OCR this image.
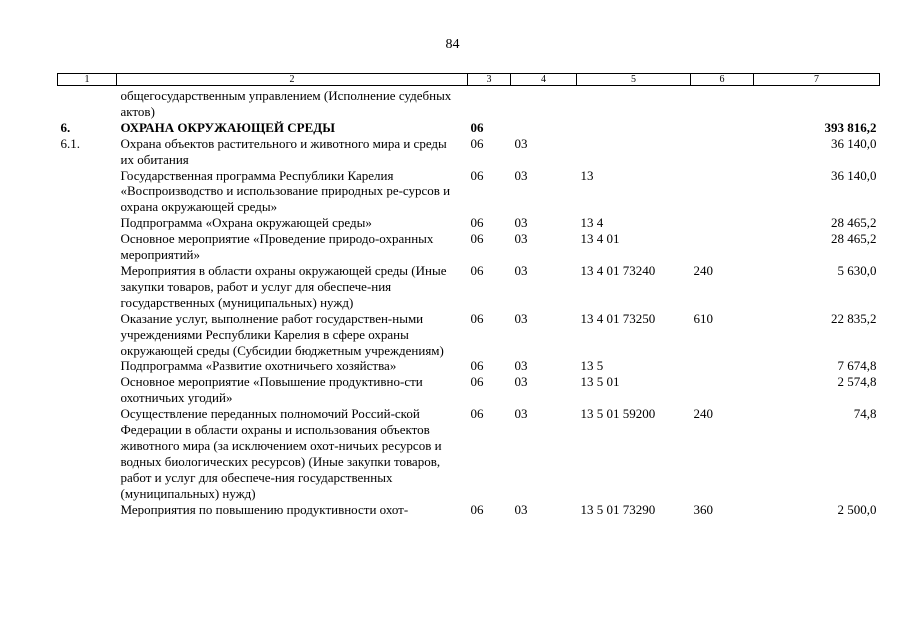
84
1	2	3	4	5	6	7
	общегосударственным управлением (Исполнение судебных актов)					
6.	ОХРАНА ОКРУЖАЮЩЕЙ СРЕДЫ	06				393 816,2
6.1.	Охрана объектов растительного и животного мира и среды их обитания	06	03			36 140,0
	Государственная программа Республики Карелия «Воспроизводство и использование природных ре-сурсов и охрана окружающей среды»	06	03	13		36 140,0
	Подпрограмма «Охрана окружающей среды»	06	03	13 4		28 465,2
	Основное мероприятие «Проведение природо-охранных мероприятий»	06	03	13 4 01		28 465,2
	Мероприятия в области охраны окружающей среды (Иные закупки товаров, работ и услуг для обеспече-ния государственных (муниципальных) нужд)	06	03	13 4 01 73240	240	5 630,0
	Оказание услуг, выполнение работ государствен-ными учреждениями Республики Карелия в сфере охраны окружающей среды (Субсидии бюджетным учреждениям)	06	03	13 4 01 73250	610	22 835,2
	Подпрограмма «Развитие охотничьего хозяйства»	06	03	13 5		7 674,8
	Основное мероприятие «Повышение продуктивно-сти охотничьих угодий»	06	03	13 5 01		2 574,8
	Осуществление переданных полномочий Россий-ской Федерации в области охраны и использования объектов животного мира (за исключением охот-ничьих ресурсов и водных биологических ресурсов) (Иные закупки товаров, работ и услуг для обеспече-ния государственных (муниципальных) нужд)	06	03	13 5 01 59200	240	74,8
	Мероприятия по повышению продуктивности охот-	06	03	13 5 01 73290	360	2 500,0
